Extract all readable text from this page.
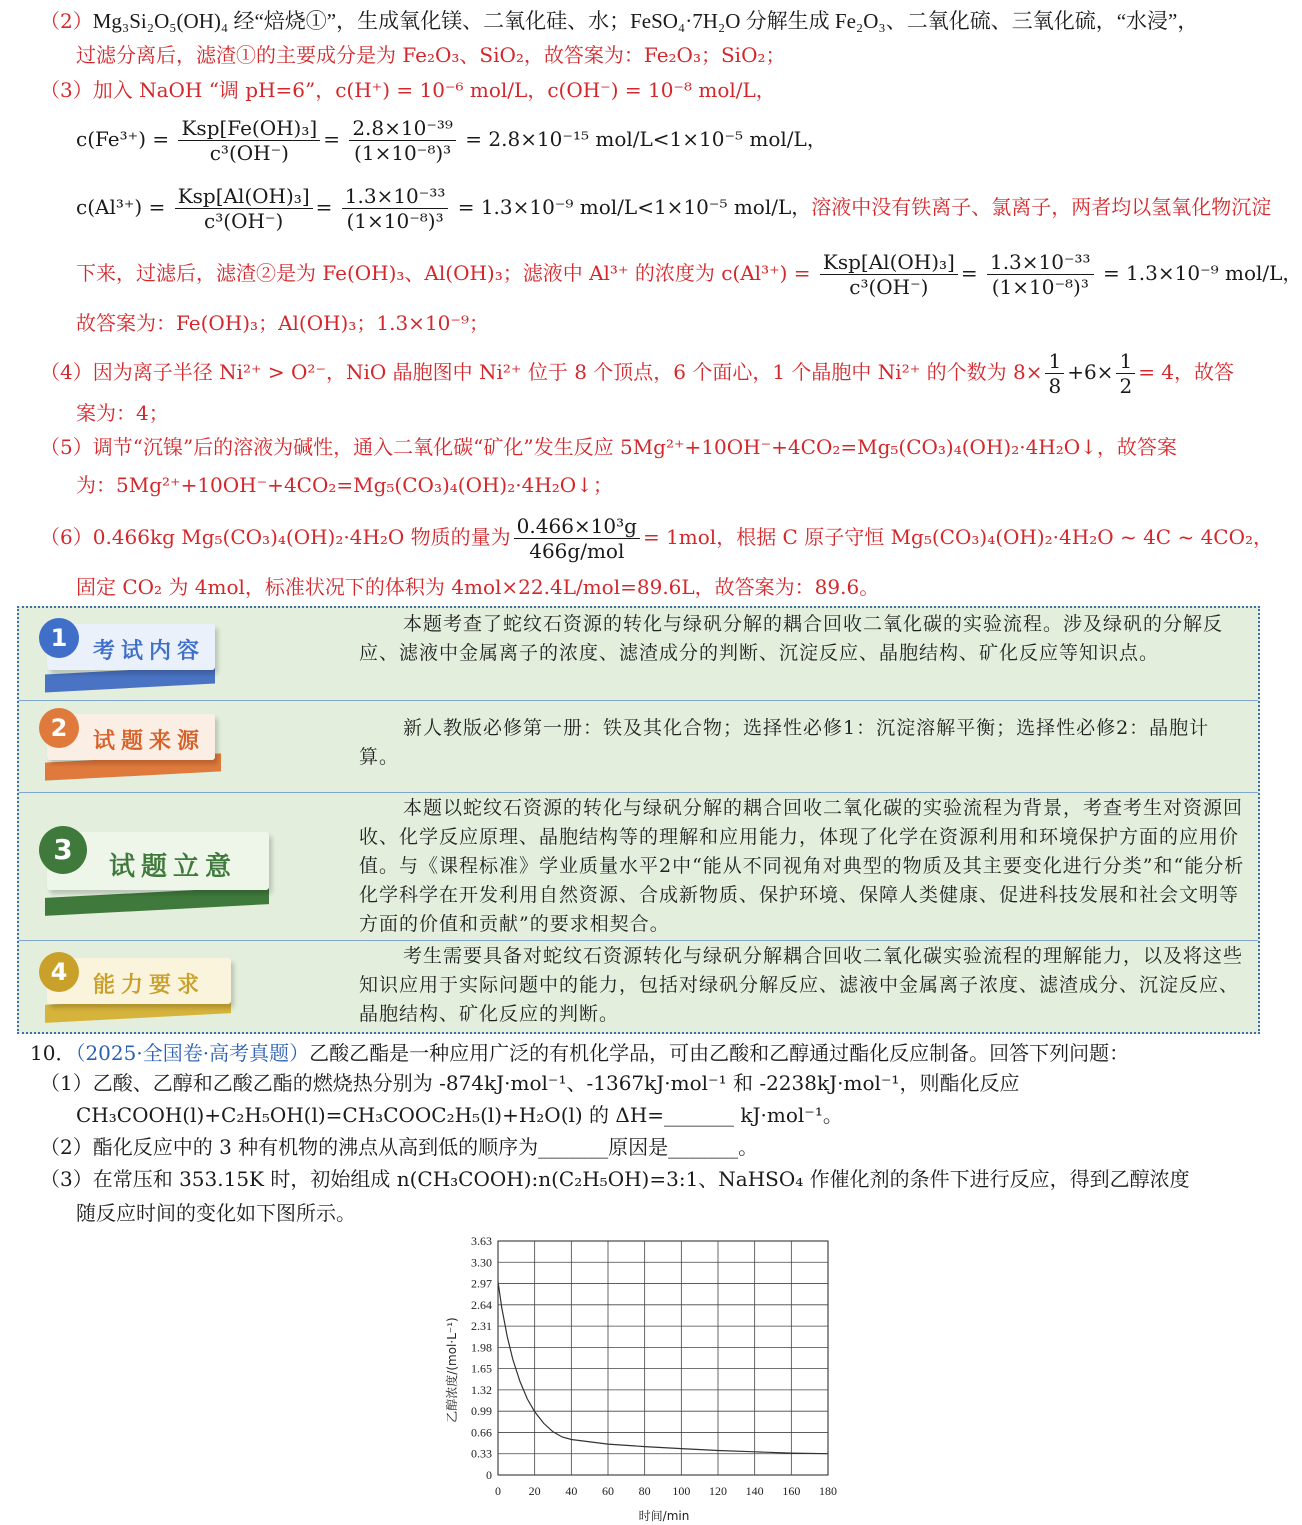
（2）Mg₃Si₂O₅(OH)₄ 经“焙烧①”，生成氧化镁、二氧化硅、水；FeSO₄·7H₂O 分解生成 Fe₂O₃、二氧化硫、三氧化硫，“水浸”，
过滤分离后，滤渣①的主要成分是为 Fe₂O₃、SiO₂，故答案为：Fe₂O₃；SiO₂；
（3）加入 NaOH “调 pH=6”，c(H⁺) = 10⁻⁶ mol/L，c(OH⁻) = 10⁻⁸ mol/L，
$c(Fe^{3+}) = \frac{\text{Ksp[Fe(OH)₃]}}{\text{c³(OH⁻)}} = \frac{\text{2.8×10⁻³⁹}}{\text{(1×10⁻⁸)³}} = 2.8\times 10^{-15}$ mol/L<1×10⁻⁵ mol/L，
$c(Al^{3+}) = \frac{\text{Ksp[Al(OH)₃]}}{\text{c³(OH⁻)}} = \frac{\text{1.3×10⁻³³}}{\text{(1×10⁻⁸)³}} = 1.3\times 10^{-9}$ mol/L<1×10⁻⁵ mol/L，溶液中没有铁离子、氯离子，两者均以氢氧化物沉淀
下来，过滤后，滤渣②是为 Fe(OH)₃、Al(OH)₃；滤液中 Al³⁺ 的浓度为 $c(Al^{3+}) = \frac{\text{Ksp[Al(OH)₃]}}{\text{c³(OH⁻)}} = \frac{\text{1.3×10⁻³³}}{\text{(1×10⁻⁸)³}} = 1.3\times 10^{-9}$ mol/L，
故答案为：Fe(OH)₃；Al(OH)₃；1.3×10⁻⁹；
（4）因为离子半径 Ni²⁺ > O²⁻，NiO 晶胞图中 Ni²⁺ 位于 8 个顶点，6 个面心，1 个晶胞中 Ni²⁺ 的个数为 $8\times \frac{1}{8} +6\times \frac{1}{2} = 4$，故答
案为：4；
（5）调节“沉镍”后的溶液为碱性，通入二氧化碳“矿化”发生反应 5Mg²⁺+10OH⁻+4CO₂=Mg₅(CO₃)₄(OH)₂·4H₂O↓，故答案
为：5Mg²⁺+10OH⁻+4CO₂=Mg₅(CO₃)₄(OH)₂·4H₂O↓；
（6）0.466kg Mg₅(CO₃)₄(OH)₂·4H₂O 物质的量为 $\frac{\text{0.466×10³g}}{\text{466g/mol}} = 1mol$，根据 C 原子守恒 Mg₅(CO₃)₄(OH)₂·4H₂O ~ 4C ~ 4CO₂，
固定 CO₂ 为 4mol，标准状况下的体积为 4mol×22.4L/mol=89.6L，故答案为：89.6。
1	考试内容
本题考查了蛇纹石资源的转化与绿矾分解的耦合回收二氧化碳的实验流程。涉及绿矾的分解反应、滤液中金属离子的浓度、滤渣成分的判断、沉淀反应、晶胞结构、矿化反应等知识点。
2	试题来源
新人教版必修第一册：铁及其化合物；选择性必修1：沉淀溶解平衡；选择性必修2：晶胞计算。
3
试题立意
本题以蛇纹石资源的转化与绿矾分解的耦合回收二氧化碳的实验流程为背景，考查考生对资源回收、化学反应原理、晶胞结构等的理解和应用能力，体现了化学在资源利用和环境保护方面的应用价值。与《课程标准》学业质量水平2中“能从不同视角对典型的物质及其主要变化进行分类”和“能分析化学科学在开发利用自然资源、合成新物质、保护环境、保障人类健康、促进科技发展和社会文明等方面的价值和贡献”的要求相契合。
4	能力要求
考生需要具备对蛇纹石资源转化与绿矾分解耦合回收二氧化碳实验流程的理解能力，以及将这些知识应用于实际问题中的能力，包括对绿矾分解反应、滤液中金属离子浓度、滤渣成分、沉淀反应、晶胞结构、矿化反应的判断。
10．（2025·全国卷·高考真题）乙酸乙酯是一种应用广泛的有机化学品，可由乙酸和乙醇通过酯化反应制备。回答下列问题：
（1）乙酸、乙醇和乙酸乙酯的燃烧热分别为 -874kJ·mol⁻¹、-1367kJ·mol⁻¹ 和 -2238kJ·mol⁻¹，则酯化反应
CH₃COOH(l)+C₂H₅OH(l)=CH₃COOC₂H₅(l)+H₂O(l) 的 ΔH=_______ kJ·mol⁻¹。
（2）酯化反应中的 3 种有机物的沸点从高到低的顺序为_______原因是_______。
（3）在常压和 353.15K 时，初始组成 n(CH₃COOH):n(C₂H₅OH)=3:1、NaHSO₄ 作催化剂的条件下进行反应，得到乙醇浓度
随反应时间的变化如下图所示。
0
0.33
0.66
0.99
1.32
1.65
1.98
2.31
2.64
2.97
3.30
3.63
0 20 40 60 80 100 120 140 160 180
乙醇浓度/(mol·L⁻¹)
时间/min
